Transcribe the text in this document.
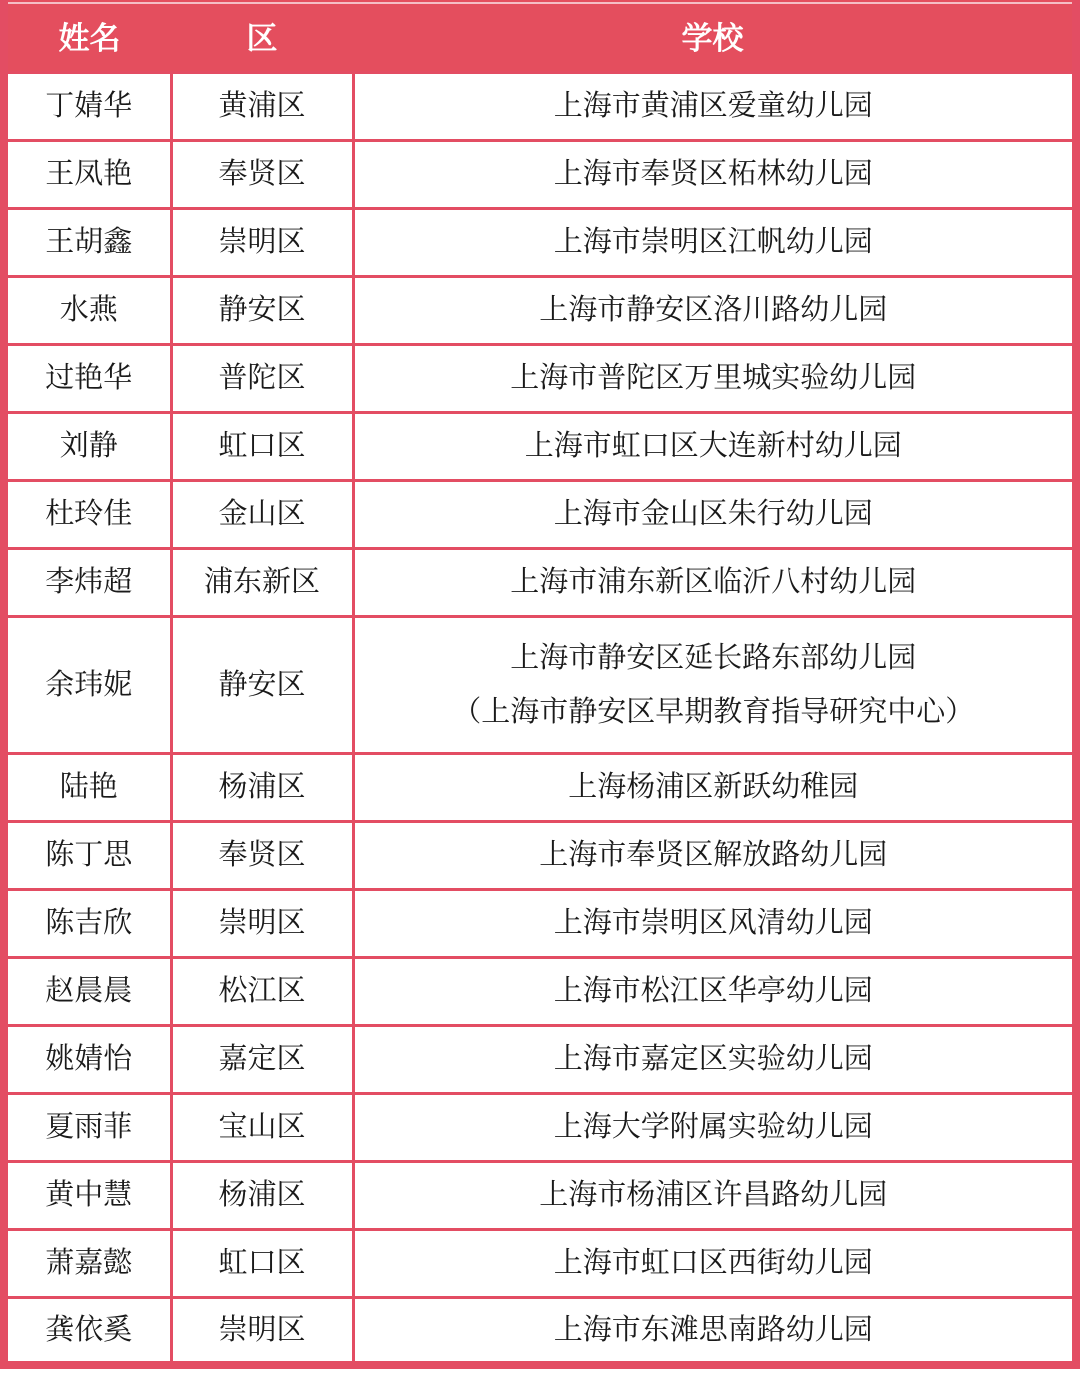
姓名	区	学校
丁婧华	黄浦区	上海市黄浦区爱童幼儿园
王凤艳	奉贤区	上海市奉贤区柘林幼儿园
王胡鑫	崇明区	上海市崇明区江帆幼儿园
水燕	静安区	上海市静安区洛川路幼儿园
过艳华	普陀区	上海市普陀区万里城实验幼儿园
刘静	虹口区	上海市虹口区大连新村幼儿园
杜玲佳	金山区	上海市金山区朱行幼儿园
李炜超	浦东新区	上海市浦东新区临沂八村幼儿园
余玮妮	静安区	上海市静安区延长路东部幼儿园
（上海市静安区早期教育指导研究中心）

陆艳	杨浦区	上海杨浦区新跃幼稚园
陈丁思	奉贤区	上海市奉贤区解放路幼儿园
陈吉欣	崇明区	上海市崇明区风清幼儿园
赵晨晨	松江区	上海市松江区华亭幼儿园
姚婧怡	嘉定区	上海市嘉定区实验幼儿园
夏雨菲	宝山区	上海大学附属实验幼儿园
黄中慧	杨浦区	上海市杨浦区许昌路幼儿园
萧嘉懿	虹口区	上海市虹口区西街幼儿园
龚依奚	崇明区	上海市东滩思南路幼儿园
